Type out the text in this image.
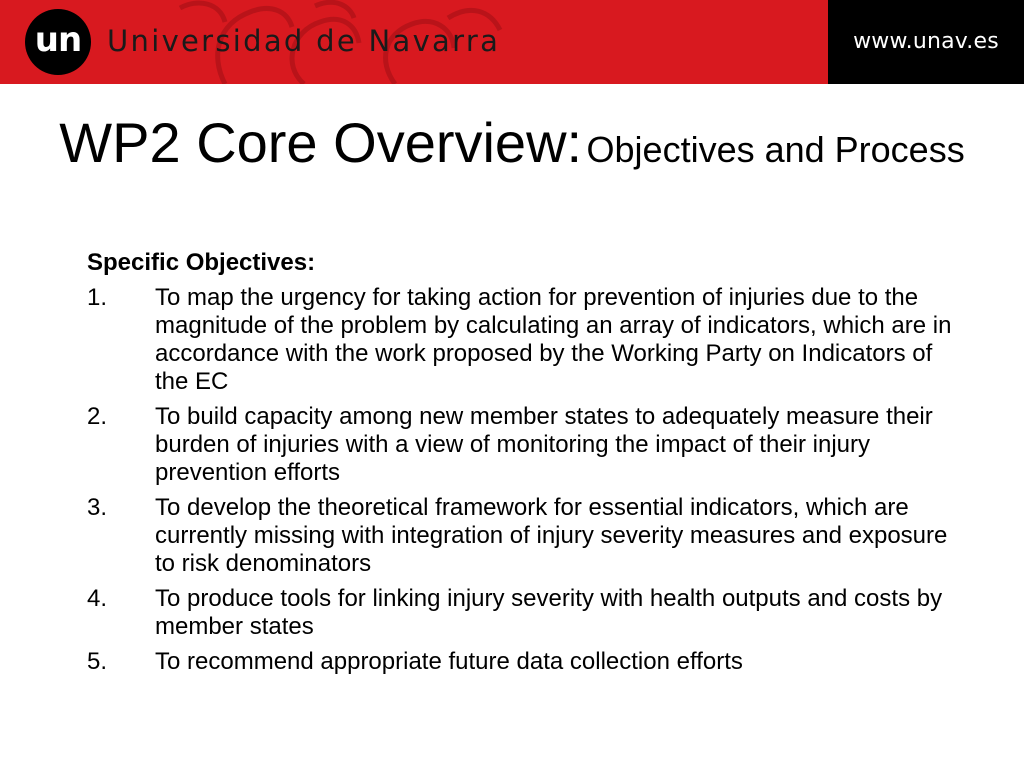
un Universidad de Navarra	www.unav.es
WP2 Core Overview: Objectives and Process
Specific Objectives:
1.	To map the urgency for taking action for prevention of injuries due to the magnitude of the problem by calculating an array of indicators, which are in accordance with the work proposed by the Working Party on Indicators of the EC
2.	To build capacity among new member states to adequately measure their burden of injuries with a view of monitoring the impact of their injury prevention efforts
3.	To develop the theoretical framework for essential indicators, which are currently missing with integration of injury severity measures and exposure to risk denominators
4.	To produce tools for linking injury severity with health outputs and costs by member states
5.	To recommend appropriate future data collection efforts
